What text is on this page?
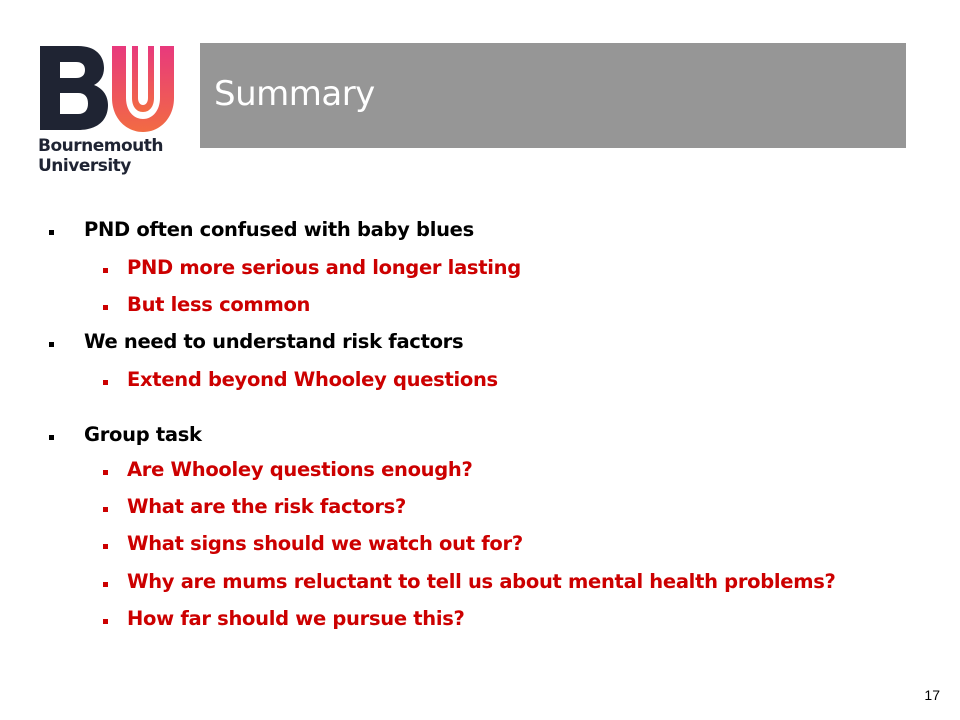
Bournemouth
University
Summary
PND often confused with baby blues
PND more serious and longer lasting
But less common
We need to understand risk factors
Extend beyond Whooley questions
Group task
Are Whooley questions enough?
What are the risk factors?
What signs should we watch out for?
Why are mums reluctant to tell us about mental health problems?
How far should we pursue this?
17
